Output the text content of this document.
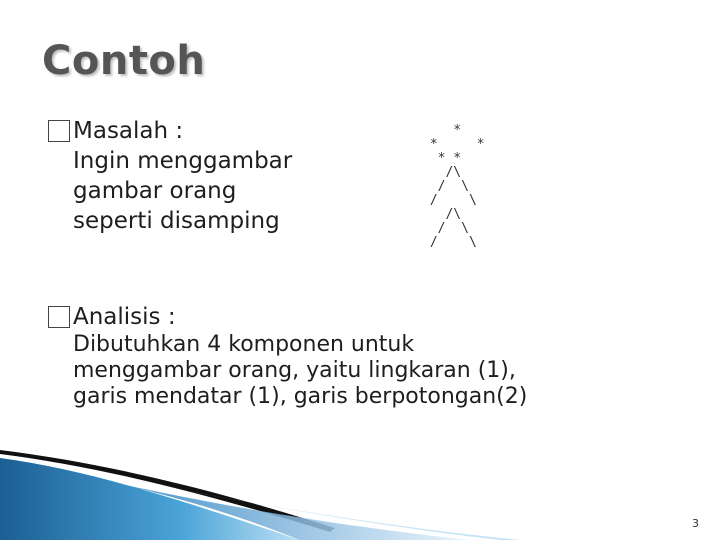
Contoh
Masalah :
Ingin menggambar
gambar orang
seperti disamping
*
*     *
* *
/\
/  \
/    \
/\
/  \
/    \
Analisis :
Dibutuhkan 4 komponen untuk
menggambar orang, yaitu lingkaran (1),
garis mendatar (1), garis berpotongan(2)
3
